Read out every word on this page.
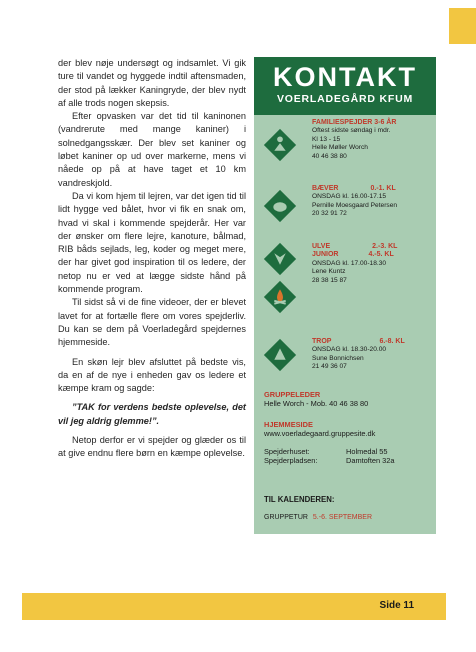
der blev nøje undersøgt og indsamlet. Vi gik ture til vandet og hyggede indtil aftensmaden, der stod på lækker Kaningryde, der blev nydt af alle trods nogen skepsis.

Efter opvasken var det tid til kaninonen (vandrerute med mange kaniner) i solnedgangsskær. Der blev set kaniner og løbet kaniner op ud over markerne, mens vi nåede op på at have taget et 10 km vandreskjold.

Da vi kom hjem til lejren, var det igen tid til lidt hygge ved bålet, hvor vi fik en snak om, hvad vi skal i kommende spejderår. Her var der ønsker om flere lejre, kanoture, bålmad, RIB båds sejlads, leg, koder og meget mere, der har givet god inspiration til os ledere, der netop nu er ved at lægge sidste hånd på kommende program.

Til sidst så vi de fine videoer, der er blevet lavet for at fortælle flere om vores spejderliv. Du kan se dem på Voerladegård spejdernes hjemmeside.

En skøn lejr blev afsluttet på bedste vis, da en af de nye i enheden gav os ledere et kæmpe kram og sagde:

”TAK for verdens bedste oplevelse, det vil jeg aldrig glemme!”.

Netop derfor er vi spejder og glæder os til at give endnu flere børn en kæmpe oplevelse.

KONTAKT
VOERLADEGÅRD KFUM
FAMILIESPEJDER 3-6 ÅR
Oftest sidste søndag i mdr.
Kl 13 - 15
Helle Møller Worch
40 46 38 80
BÆVER	0.-1. KL
ONSDAG kl. 16.00-17.15
Pernille Moesgaard Petersen
20 32 91 72
ULVE	2.-3. KL
JUNIOR	4.-5. KL
ONSDAG kl. 17.00-18.30
Lene Kuntz
28 38 15 87
TROP	6.-8. KL
ONSDAG kl. 18.30-20.00
Sune Bonnichsen
21 49 36 07
GRUPPELEDER
Helle Worch - Mob. 40 46 38 80
HJEMMESIDE
www.voerladegaard.gruppesite.dk
Spejderhuset:	Holmedal 55
Spejderpladsen:	Damtoften 32a
TIL KALENDEREN:
GRUPPETUR 5.-6. SEPTEMBER
Side 11
